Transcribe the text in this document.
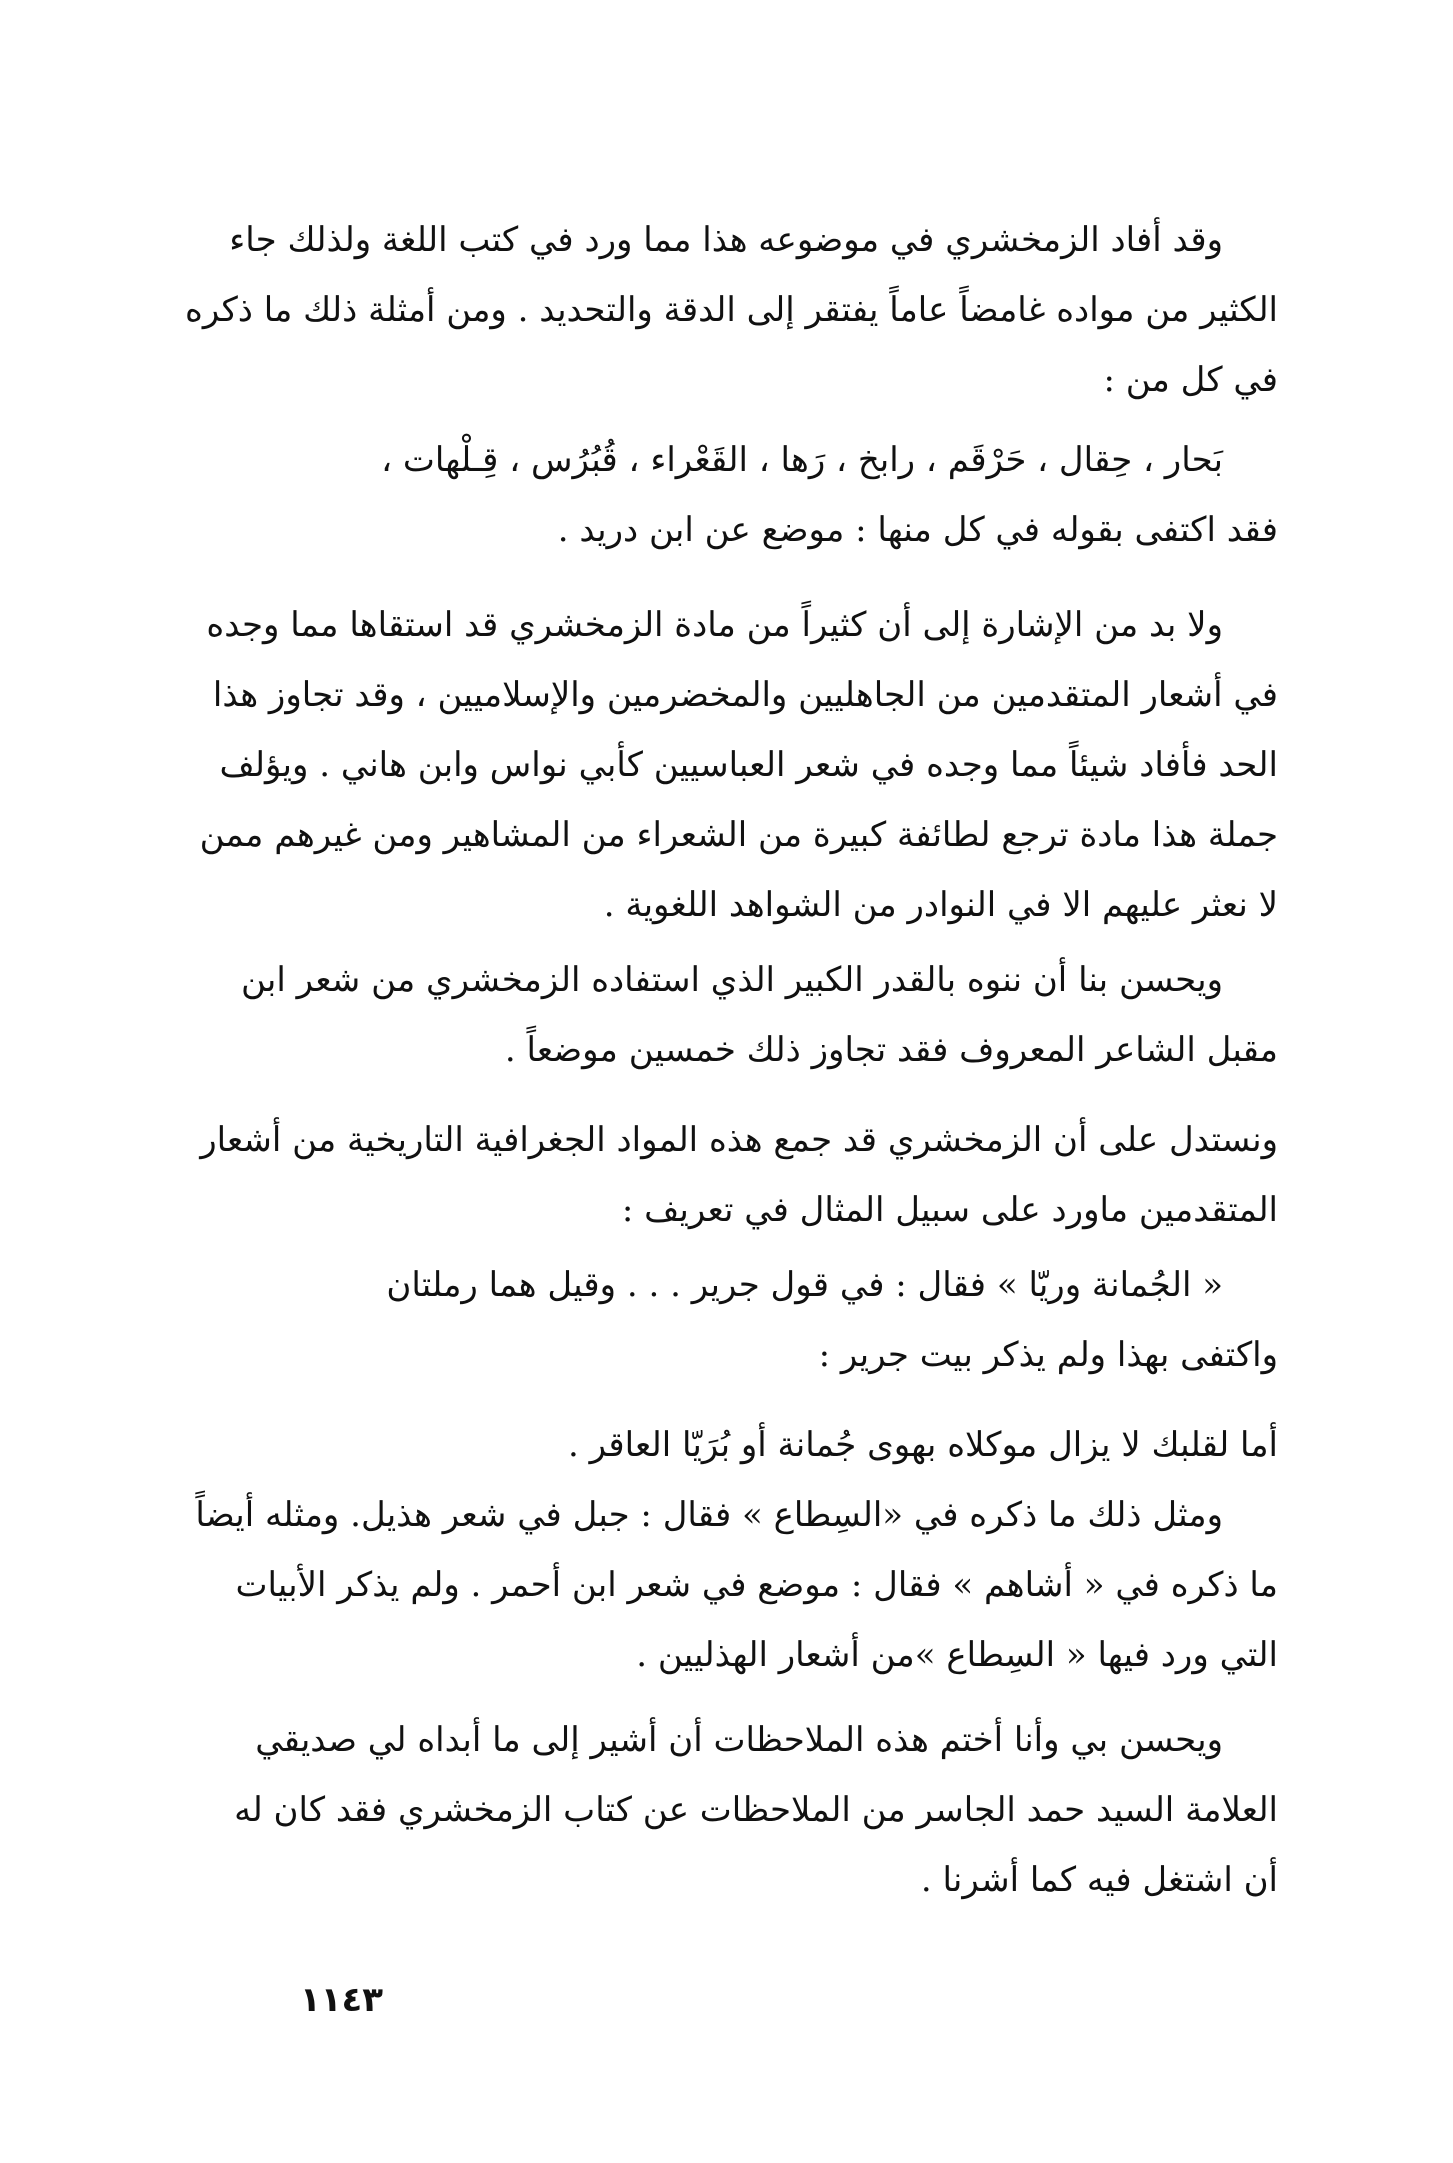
وقد أفاد الزمخشري في موضوعه هذا مما ورد في كتب اللغة ولذلك جاء
الكثير من مواده غامضاً عاماً يفتقر إلى الدقة والتحديد . ومن أمثلة ذلك ما ذكره
في كل من :
بَحار ، حِقال ، حَرْقَم ، رابخ ، رَها ، القَعْراء ، قُبُرُس ، قِـلْهات ،
فقد اكتفى بقوله في كل منها : موضع عن ابن دريد .
ولا بد من الإشارة إلى أن كثيراً من مادة الزمخشري قد استقاها مما وجده
في أشعار المتقدمين من الجاهليين والمخضرمين والإسلاميين ، وقد تجاوز هذا
الحد فأفاد شيئاً مما وجده في شعر العباسيين كأبي نواس وابن هاني . ويؤلف
جملة هذا مادة ترجع لطائفة كبيرة من الشعراء من المشاهير ومن غيرهم ممن
لا نعثر عليهم الا في النوادر من الشواهد اللغوية .
ويحسن بنا أن ننوه بالقدر الكبير الذي استفاده الزمخشري من شعر ابن
مقبل الشاعر المعروف فقد تجاوز ذلك خمسين موضعاً .
ونستدل على أن الزمخشري قد جمع هذه المواد الجغرافية التاريخية من أشعار
المتقدمين ماورد على سبيل المثال في تعريف :
« الجُمانة وريّا » فقال : في قول جرير . . . وقيل هما رملتان
واكتفى بهذا ولم يذكر بيت جرير :
أما لقلبك لا يزال موكلاه بهوى جُمانة أو بُرَيّا العاقر .
ومثل ذلك ما ذكره في «السِطاع » فقال : جبل في شعر هذيل. ومثله أيضاً
ما ذكره في « أشاهم » فقال : موضع في شعر ابن أحمر . ولم يذكر الأبيات
التي ورد فيها « السِطاع »من أشعار الهذليين .
ويحسن بي وأنا أختم هذه الملاحظات أن أشير إلى ما أبداه لي صديقي
العلامة السيد حمد الجاسر من الملاحظات عن كتاب الزمخشري فقد كان له
أن اشتغل فيه كما أشرنا .
١١٤٣
